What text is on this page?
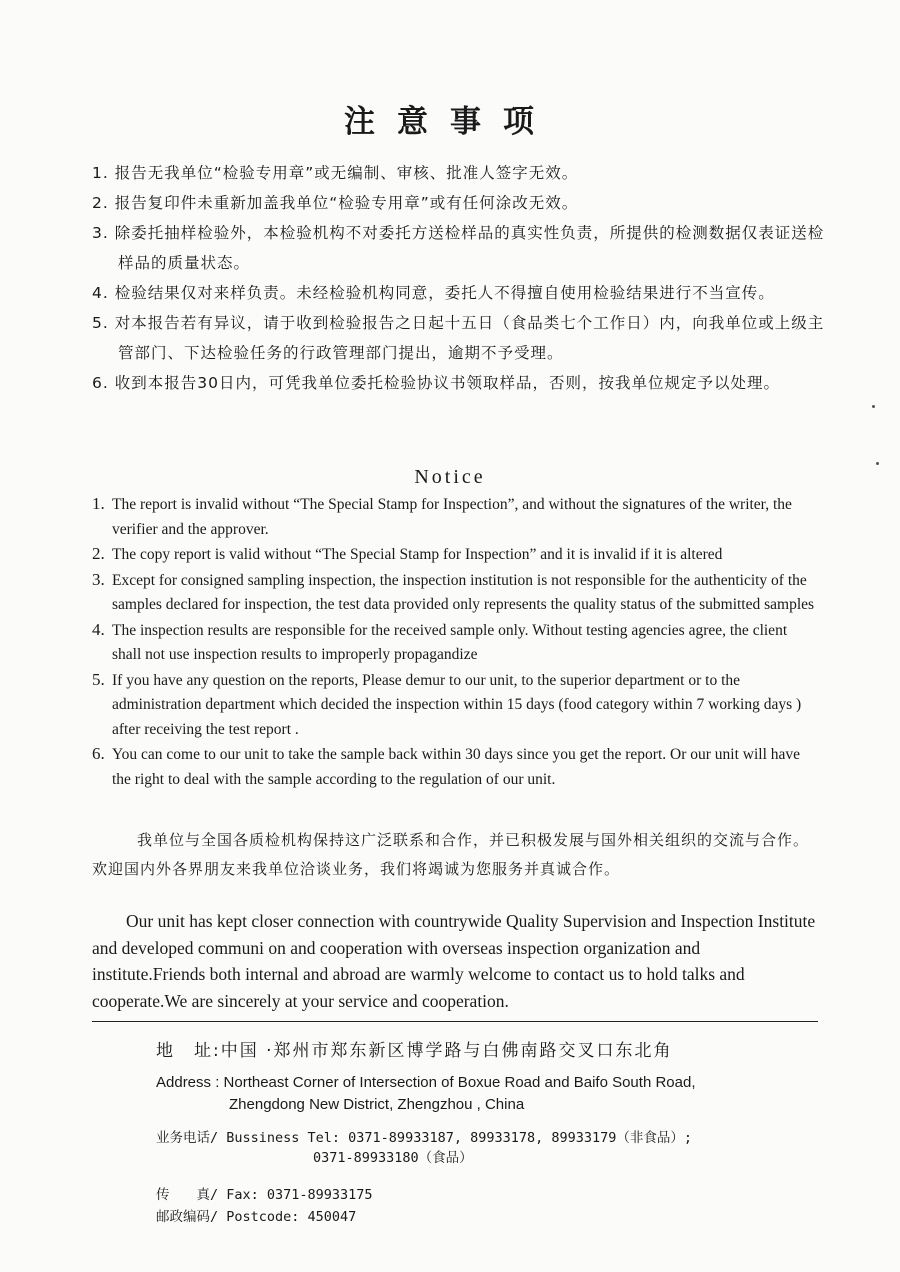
注意事项

1. 报告无我单位“检验专用章”或无编制、审核、批准人签字无效。

2. 报告复印件未重新加盖我单位“检验专用章”或有任何涂改无效。

3. 除委托抽样检验外，本检验机构不对委托方送检样品的真实性负责，所提供的检测数据仅表证送检样品的质量状态。

4. 检验结果仅对来样负责。未经检验机构同意，委托人不得擅自使用检验结果进行不当宣传。

5. 对本报告若有异议，请于收到检验报告之日起十五日（食品类七个工作日）内，向我单位或上级主管部门、下达检验任务的行政管理部门提出，逾期不予受理。

6. 收到本报告30日内，可凭我单位委托检验协议书领取样品，否则，按我单位规定予以处理。

Notice

1. The report is invalid without “The Special Stamp for Inspection”, and without the signatures of the writer, the verifier and the approver.

2. The copy report is valid without “The Special Stamp for Inspection” and it is invalid if it is altered

3. Except for consigned sampling inspection, the inspection institution is not responsible for the authenticity of the samples declared for inspection, the test data provided only represents the quality status of the submitted samples

4. The inspection results are responsible for the received sample only. Without testing agencies agree, the client shall not use inspection results to improperly propagandize

5. If you have any question on the reports, Please demur to our unit, to the superior department or to the administration department which decided the inspection within 15 days (food category within 7 working days ) after receiving the test report .

6. You can come to our unit to take the sample back within 30 days since you get the report. Or our unit will have the right to deal with the sample according to the regulation of our unit.

我单位与全国各质检机构保持这广泛联系和合作，并已积极发展与国外相关组织的交流与合作。欢迎国内外各界朋友来我单位洽谈业务，我们将竭诚为您服务并真诚合作。

Our unit has kept closer connection with countrywide Quality Supervision and Inspection Institute and developed communi on and cooperation with overseas inspection organization and institute.Friends both internal and abroad are warmly welcome to contact us to hold talks and cooperate.We are sincerely at your service and cooperation.

地　址:中国 ·郑州市郑东新区博学路与白佛南路交叉口东北角
Address : Northeast Corner of Intersection of Boxue Road and Baifo South Road,
Zhengdong New District, Zhengzhou , China
业务电话/ Bussiness Tel: 0371-89933187, 89933178, 89933179（非食品）;
0371-89933180（食品）
传　　真/ Fax: 0371-89933175
邮政编码/ Postcode: 450047
